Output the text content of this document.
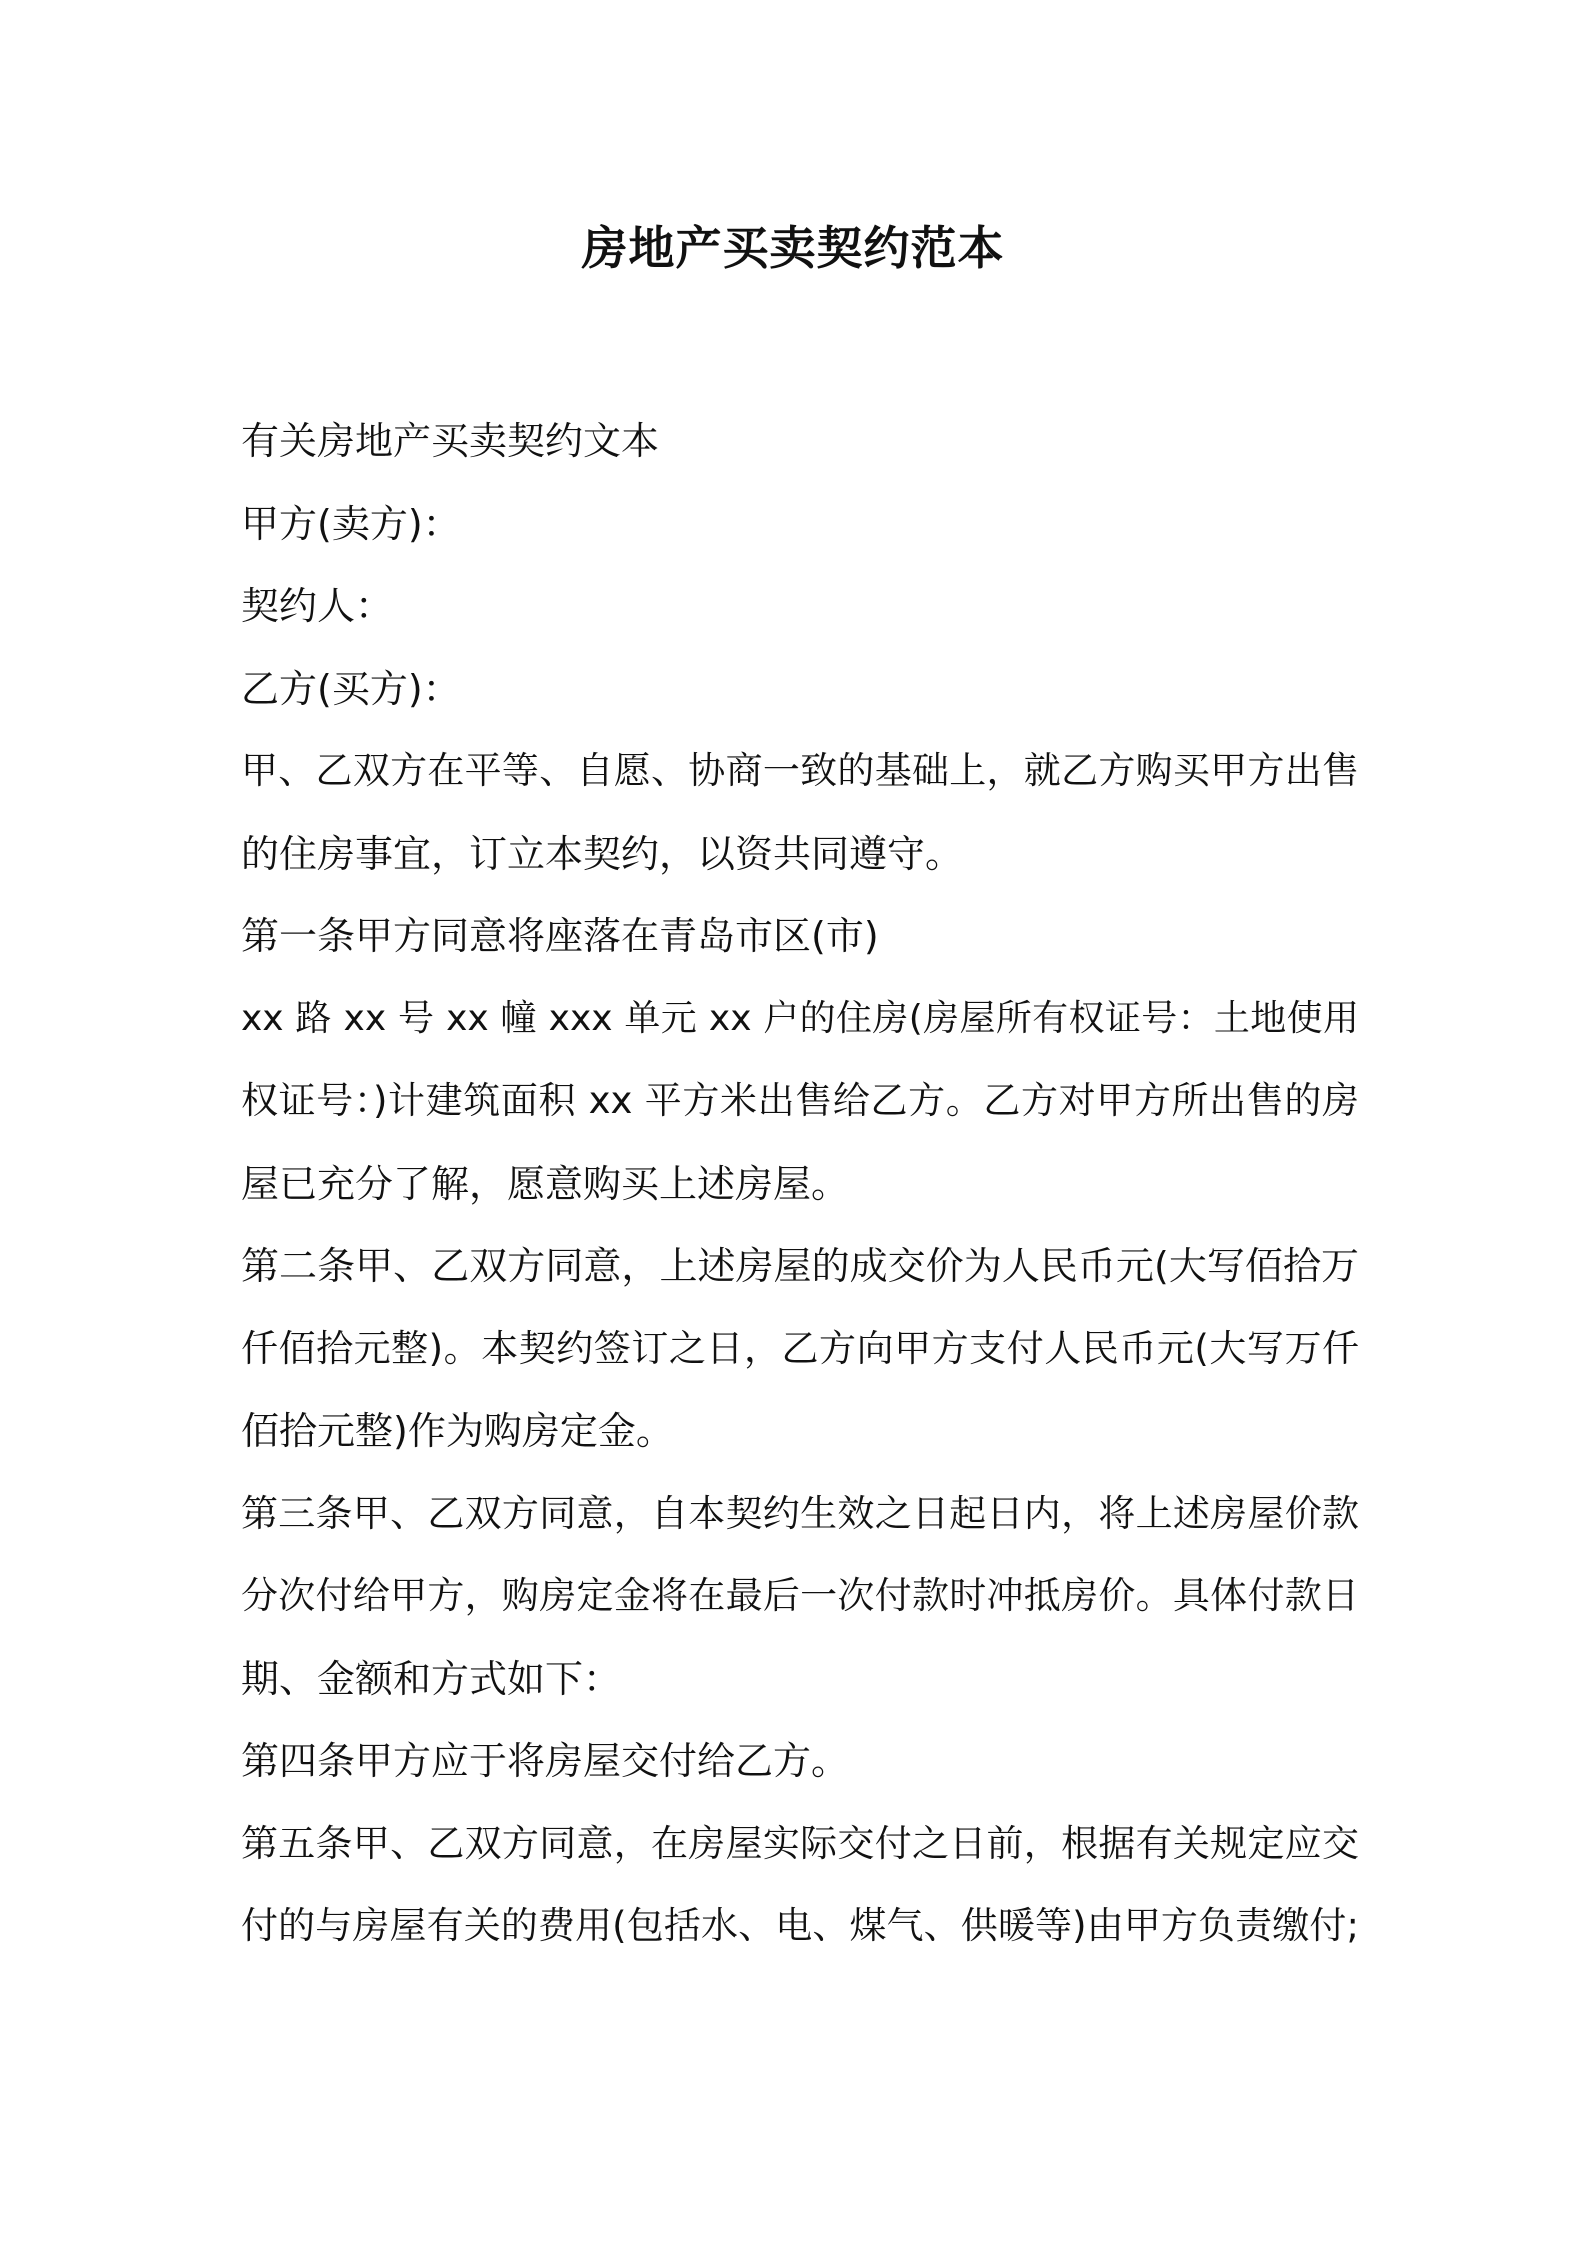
房地产买卖契约范本

有关房地产买卖契约文本

甲方(卖方)：

契约人：

乙方(买方)：

甲、乙双方在平等、自愿、协商一致的基础上，就乙方购买甲方出售

的住房事宜，订立本契约，以资共同遵守。

第一条甲方同意将座落在青岛市区(市)

xx 路 xx 号 xx 幢 xxx 单元 xx 户的住房(房屋所有权证号：土地使用

权证号：)计建筑面积 xx 平方米出售给乙方。乙方对甲方所出售的房

屋已充分了解，愿意购买上述房屋。

第二条甲、乙双方同意，上述房屋的成交价为人民币元(大写佰拾万

仟佰拾元整)。本契约签订之日，乙方向甲方支付人民币元(大写万仟

佰拾元整)作为购房定金。

第三条甲、乙双方同意，自本契约生效之日起日内，将上述房屋价款

分次付给甲方，购房定金将在最后一次付款时冲抵房价。具体付款日

期、金额和方式如下：

第四条甲方应于将房屋交付给乙方。

第五条甲、乙双方同意，在房屋实际交付之日前，根据有关规定应交

付的与房屋有关的费用(包括水、电、煤气、供暖等)由甲方负责缴付;
